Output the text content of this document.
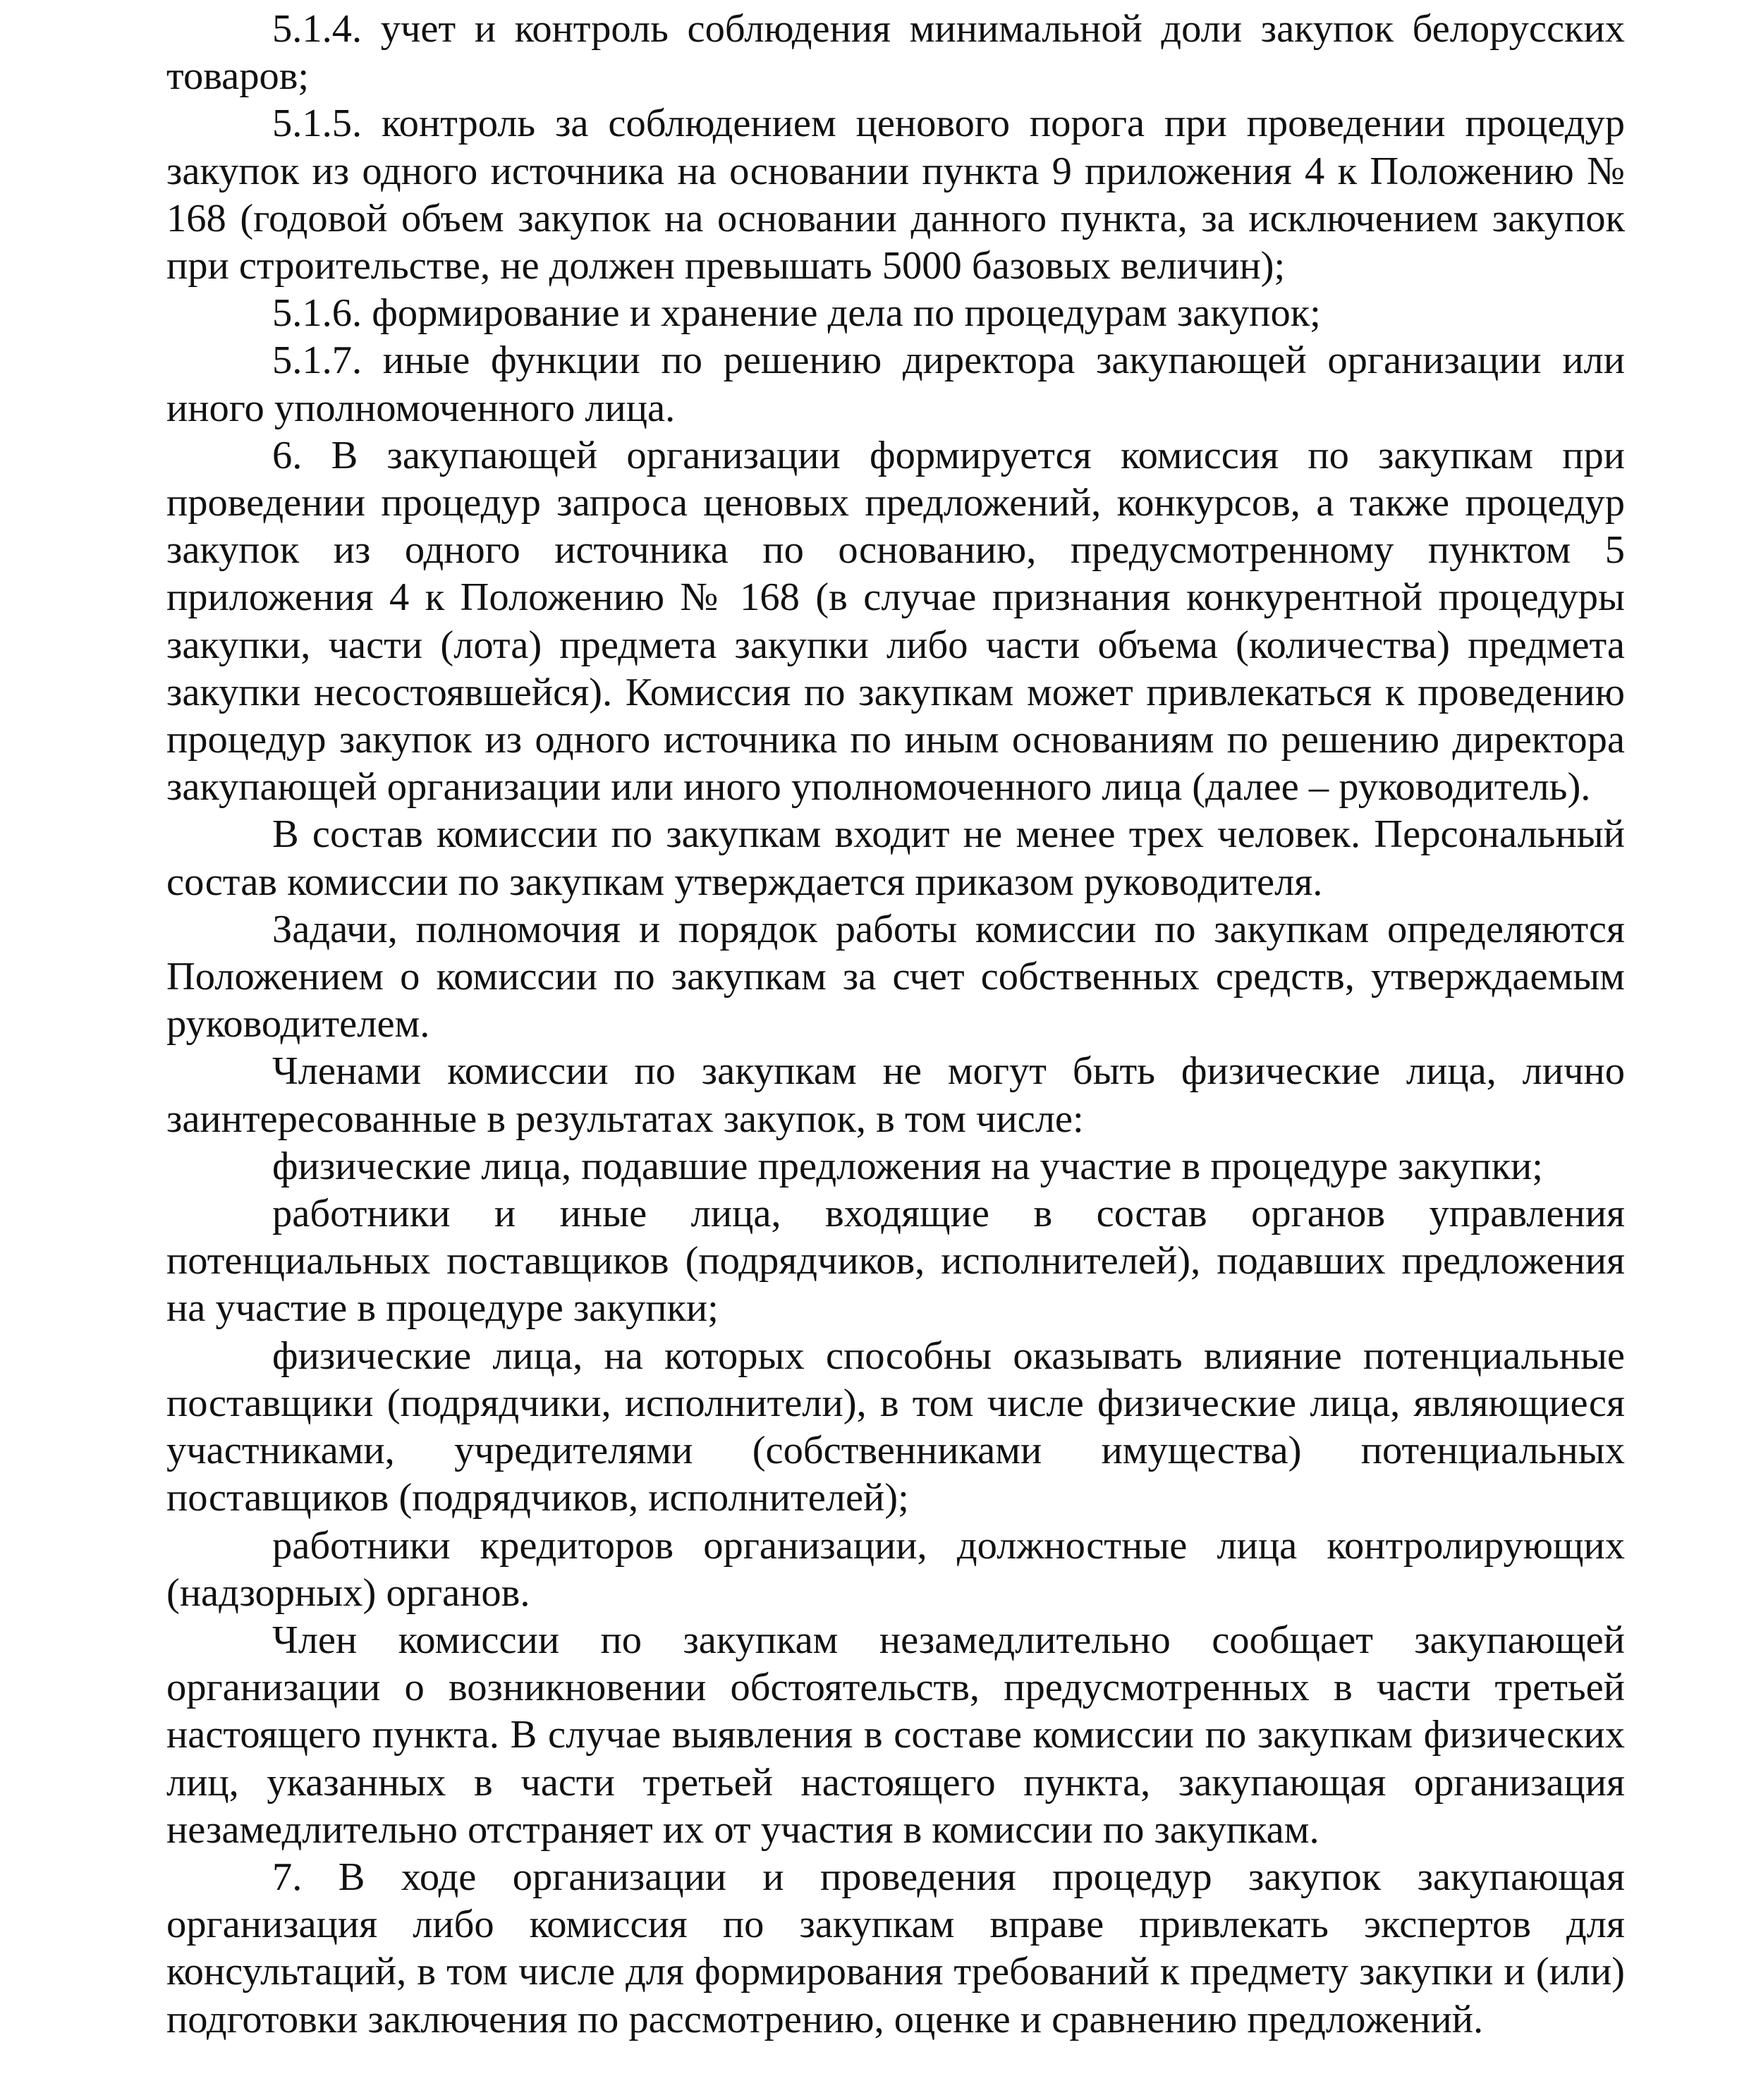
5.1.4. учет и контроль соблюдения минимальной доли закупок белорусских товаров;

5.1.5. контроль за соблюдением ценового порога при проведении процедур закупок из одного источника на основании пункта 9 приложения 4 к Положению № 168 (годовой объем закупок на основании данного пункта, за исключением закупок при строительстве, не должен превышать 5000 базовых величин);

5.1.6. формирование и хранение дела по процедурам закупок;

5.1.7. иные функции по решению директора закупающей организации или иного уполномоченного лица.

6. В закупающей организации формируется комиссия по закупкам при проведении процедур запроса ценовых предложений, конкурсов, а также процедур закупок из одного источника по основанию, предусмотренному пунктом 5 приложения 4 к Положению № 168 (в случае признания конкурентной процедуры закупки, части (лота) предмета закупки либо части объема (количества) предмета закупки несостоявшейся). Комиссия по закупкам может привлекаться к проведению процедур закупок из одного источника по иным основаниям по решению директора закупающей организации или иного уполномоченного лица (далее – руководитель).

В состав комиссии по закупкам входит не менее трех человек. Персональный состав комиссии по закупкам утверждается приказом руководителя.

Задачи, полномочия и порядок работы комиссии по закупкам определяются Положением о комиссии по закупкам за счет собственных средств, утверждаемым руководителем.

Членами комиссии по закупкам не могут быть физические лица, лично заинтересованные в результатах закупок, в том числе:

физические лица, подавшие предложения на участие в процедуре закупки;

работники и иные лица, входящие в состав органов управления потенциальных поставщиков (подрядчиков, исполнителей), подавших предложения на участие в процедуре закупки;

физические лица, на которых способны оказывать влияние потенциальные поставщики (подрядчики, исполнители), в том числе физические лица, являющиеся участниками, учредителями (собственниками имущества) потенциальных поставщиков (подрядчиков, исполнителей);

работники кредиторов организации, должностные лица контролирующих (надзорных) органов.

Член комиссии по закупкам незамедлительно сообщает закупающей организации о возникновении обстоятельств, предусмотренных в части третьей настоящего пункта. В случае выявления в составе комиссии по закупкам физических лиц, указанных в части третьей настоящего пункта, закупающая организация незамедлительно отстраняет их от участия в комиссии по закупкам.

7. В ходе организации и проведения процедур закупок закупающая организация либо комиссия по закупкам вправе привлекать экспертов для консультаций, в том числе для формирования требований к предмету закупки и (или) подготовки заключения по рассмотрению, оценке и сравнению предложений.
